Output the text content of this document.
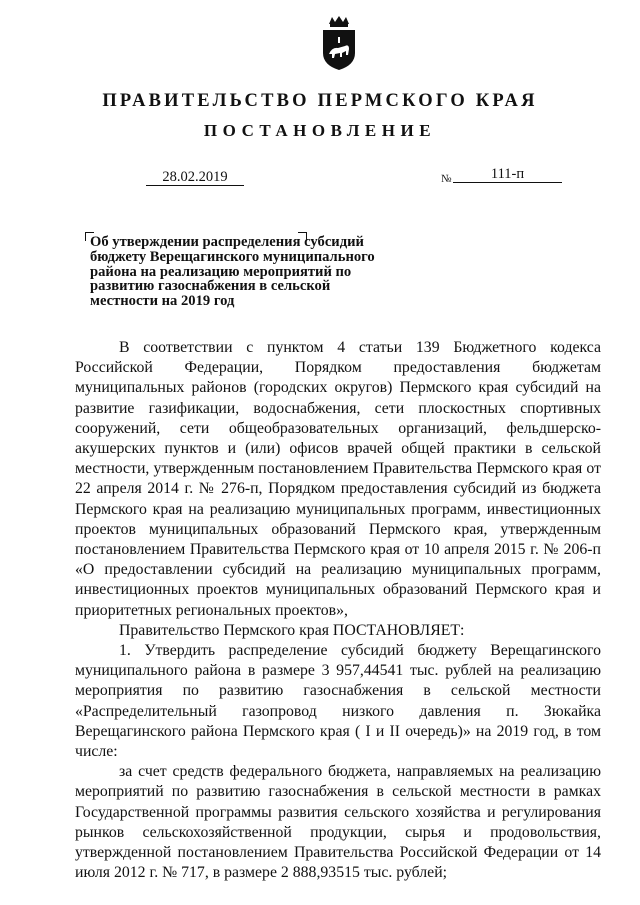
ПРАВИТЕЛЬСТВО ПЕРМСКОГО КРАЯ
ПОСТАНОВЛЕНИЕ
28.02.2019	№	111-п
Об утверждении распределения субсидий бюджету Верещагинского муниципального района на реализацию мероприятий по развитию газоснабжения в сельской местности на 2019 год

В соответствии с пунктом 4 статьи 139 Бюджетного кодекса Российской Федерации, Порядком предоставления бюджетам муниципальных районов (городских округов) Пермского края субсидий на развитие газификации, водоснабжения, сети плоскостных спортивных сооружений, сети общеобразовательных организаций, фельдшерско-акушерских пунктов и (или) офисов врачей общей практики в сельской местности, утвержденным постановлением Правительства Пермского края от 22 апреля 2014 г. № 276-п, Порядком предоставления субсидий из бюджета Пермского края на реализацию муниципальных программ, инвестиционных проектов муниципальных образований Пермского края, утвержденным постановлением Правительства Пермского края от 10 апреля 2015 г. № 206-п «О предоставлении субсидий на реализацию муниципальных программ, инвестиционных проектов муниципальных образований Пермского края и приоритетных региональных проектов»,

Правительство Пермского края ПОСТАНОВЛЯЕТ:

1. Утвердить распределение субсидий бюджету Верещагинского муниципального района в размере 3 957,44541 тыс. рублей на реализацию мероприятия по развитию газоснабжения в сельской местности «Распределительный газопровод низкого давления п. Зюкайка Верещагинского района Пермского края ( I и II очередь)» на 2019 год, в том числе:

за счет средств федерального бюджета, направляемых на реализацию мероприятий по развитию газоснабжения в сельской местности в рамках Государственной программы развития сельского хозяйства и регулирования рынков сельскохозяйственной продукции, сырья и продовольствия, утвержденной постановлением Правительства Российской Федерации от 14 июля 2012 г. № 717, в размере 2 888,93515 тыс. рублей;
